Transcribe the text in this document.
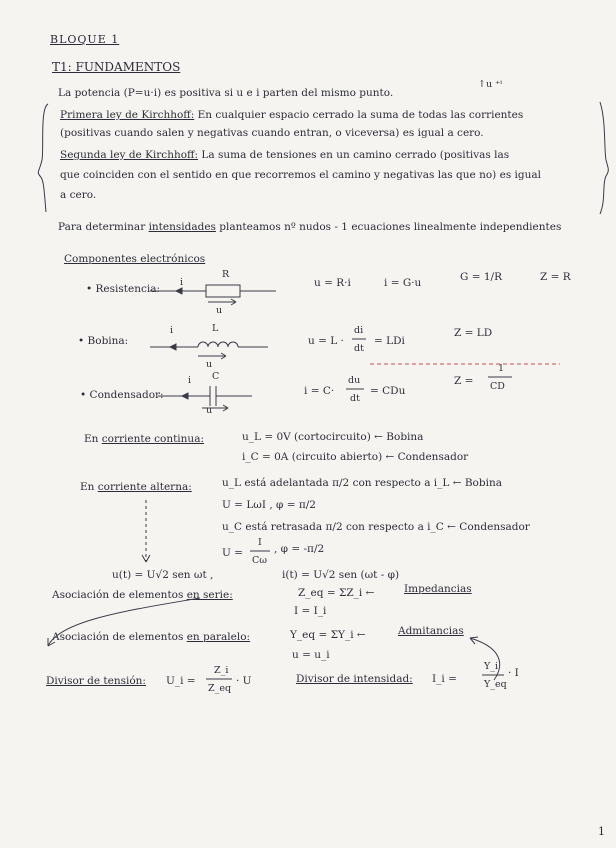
BLOQUE 1
T1: FUNDAMENTOS
La potencia (P=u·i) es positiva si u e i parten del mismo punto.
↑u ⁺ⁱ
Primera ley de Kirchhoff: En cualquier espacio cerrado la suma de todas las corrientes
(positivas cuando salen y negativas cuando entran, o viceversa) es igual a cero.
Segunda ley de Kirchhoff: La suma de tensiones en un camino cerrado (positivas las
que coinciden con el sentido en que recorremos el camino y negativas las que no) es igual
a cero.
Para determinar intensidades planteamos nº nudos - 1 ecuaciones linealmente independientes
Componentes electrónicos
• Resistencia:
R
i
u
u = R·i	i = G·u	G = 1/R	Z = R
• Bobina:
L
i
u
u = L ·
di
dt
= LDi
Z = LD
• Condensador:
C
i
u
i = C·
du
dt
= CDu
Z =
1
CD
En corriente continua:	u_L = 0V (cortocircuito) ← Bobina
i_C = 0A (circuito abierto) ← Condensador
En corriente alterna:	u_L está adelantada π/2 con respecto a i_L ← Bobina
U = LωI , φ = π/2
u_C está retrasada π/2 con respecto a i_C ← Condensador
U =
I
Cω
, φ = -π/2
u(t) = U√2 sen ωt ,	i(t) = U√2 sen (ωt - φ)
Asociación de elementos en serie:	Z_eq = ΣZ_i ←	Impedancias
I = I_i
Asociación de elementos en paralelo:	Y_eq = ΣY_i ←	Admitancias
u = u_i
Divisor de tensión: U_i =
Z_i
Z_eq
· U	Divisor de intensidad: I_i =
Y_i
Y_eq
· I
1
